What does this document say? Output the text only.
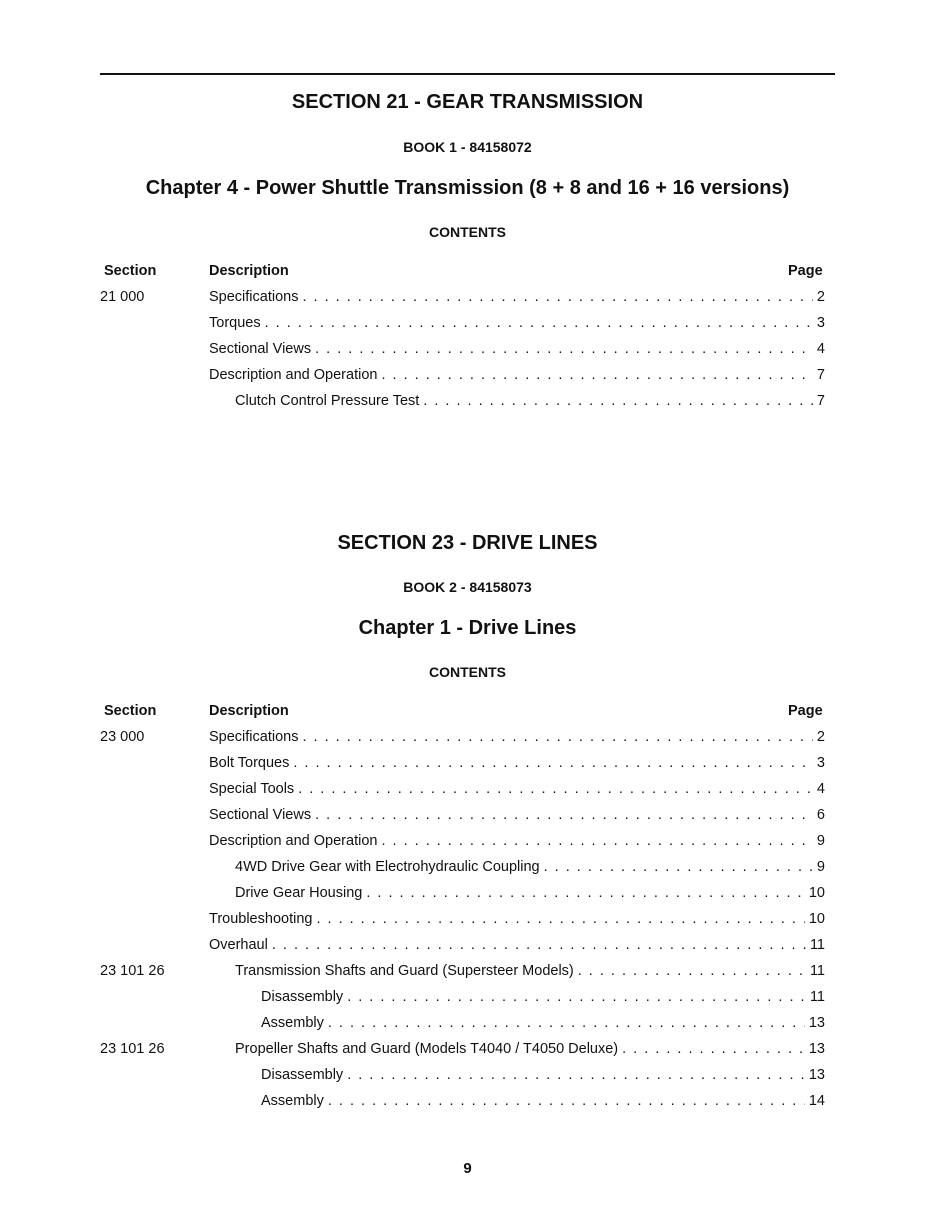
SECTION 21 - GEAR TRANSMISSION
BOOK 1 - 84158072
Chapter 4 - Power Shuttle Transmission (8 + 8 and 16 + 16 versions)
CONTENTS
Section	Description	Page
21 000	Specifications . . .	2
Torques . . .	3
Sectional Views . . .	4
Description and Operation . . .	7
Clutch Control Pressure Test . . .	7
SECTION 23 - DRIVE LINES
BOOK 2 - 84158073
Chapter 1 - Drive Lines
CONTENTS
Section	Description	Page
23 000	Specifications . . .	2
Bolt Torques . . .	3
Special Tools . . .	4
Sectional Views . . .	6
Description and Operation . . .	9
4WD Drive Gear with Electrohydraulic Coupling . . .	9
Drive Gear Housing . . .	10
Troubleshooting . . .	10
Overhaul . . .	11
23 101 26	Transmission Shafts and Guard (Supersteer Models) . . .	11
Disassembly . . .	11
Assembly . . .	13
23 101 26	Propeller Shafts and Guard (Models T4040 / T4050 Deluxe) . . .	13
Disassembly . . .	13
Assembly . . .	14
9
